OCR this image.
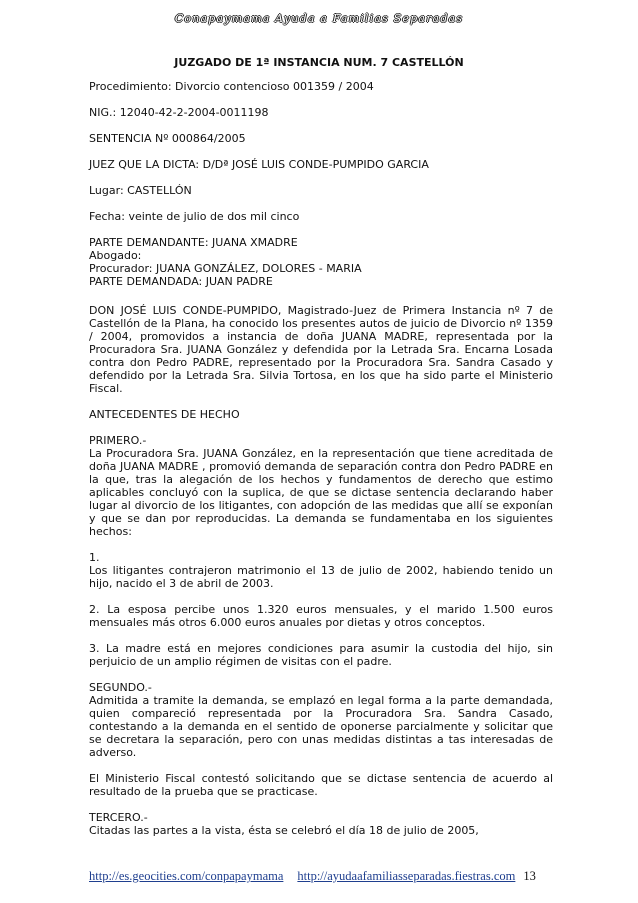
Conapaymama Ayuda a Familias Separadas
JUZGADO DE 1ª INSTANCIA NUM. 7 CASTELLÓN

Procedimiento: Divorcio contencioso 001359 / 2004

NIG.: 12040-42-2-2004-0011198

SENTENCIA Nº 000864/2005

JUEZ QUE LA DICTA: D/Dª JOSÉ LUIS CONDE-PUMPIDO GARCIA

Lugar: CASTELLÓN

Fecha: veinte de julio de dos mil cinco

PARTE DEMANDANTE: JUANA XMADRE
Abogado:
Procurador: JUANA GONZÁLEZ, DOLORES - MARIA
PARTE DEMANDADA: JUAN PADRE

DON JOSÉ LUIS CONDE-PUMPIDO, Magistrado-Juez de Primera Instancia nº 7 de Castellón de la Plana, ha conocido los presentes autos de juicio de Divorcio nº 1359 / 2004, promovidos a instancia de doña JUANA MADRE, representada por la Procuradora Sra. JUANA González y defendida por la Letrada Sra. Encarna Losada contra don Pedro PADRE, representado por la Procuradora Sra. Sandra Casado y defendido por la Letrada Sra. Silvia Tortosa, en los que ha sido parte el Ministerio Fiscal.

ANTECEDENTES DE HECHO

PRIMERO.-
La Procuradora Sra. JUANA González, en la representación que tiene acreditada de doña JUANA MADRE , promovió demanda de separación contra don Pedro PADRE en la que, tras la alegación de los hechos y fundamentos de derecho que estimo aplicables concluyó con la suplica, de que se dictase sentencia declarando haber lugar al divorcio de los litigantes, con adopción de las medidas que allí se exponían y que se dan por reproducidas. La demanda se fundamentaba en los siguientes hechos:

1.
Los litigantes contrajeron matrimonio el 13 de julio de 2002, habiendo tenido un hijo, nacido el 3 de abril de 2003.

2. La esposa percibe unos 1.320 euros mensuales, y el marido 1.500 euros mensuales más otros 6.000 euros anuales por dietas y otros conceptos.

3. La madre está en mejores condiciones para asumir la custodia del hijo, sin perjuicio de un amplio régimen de visitas con el padre.

SEGUNDO.-
Admitida a tramite la demanda, se emplazó en legal forma a la parte demandada, quien compareció representada por la Procuradora Sra. Sandra Casado, contestando a la demanda en el sentido de oponerse parcialmente y solicitar que se decretara la separación, pero con unas medidas distintas a tas interesadas de adverso.

El Ministerio Fiscal contestó solicitando que se dictase sentencia de acuerdo al resultado de la prueba que se practicase.

TERCERO.-
Citadas las partes a la vista, ésta se celebró el día 18 de julio de 2005,

http://es.geocities.com/conpapaymama http://ayudaafamiliasseparadas.fiestras.com 13
